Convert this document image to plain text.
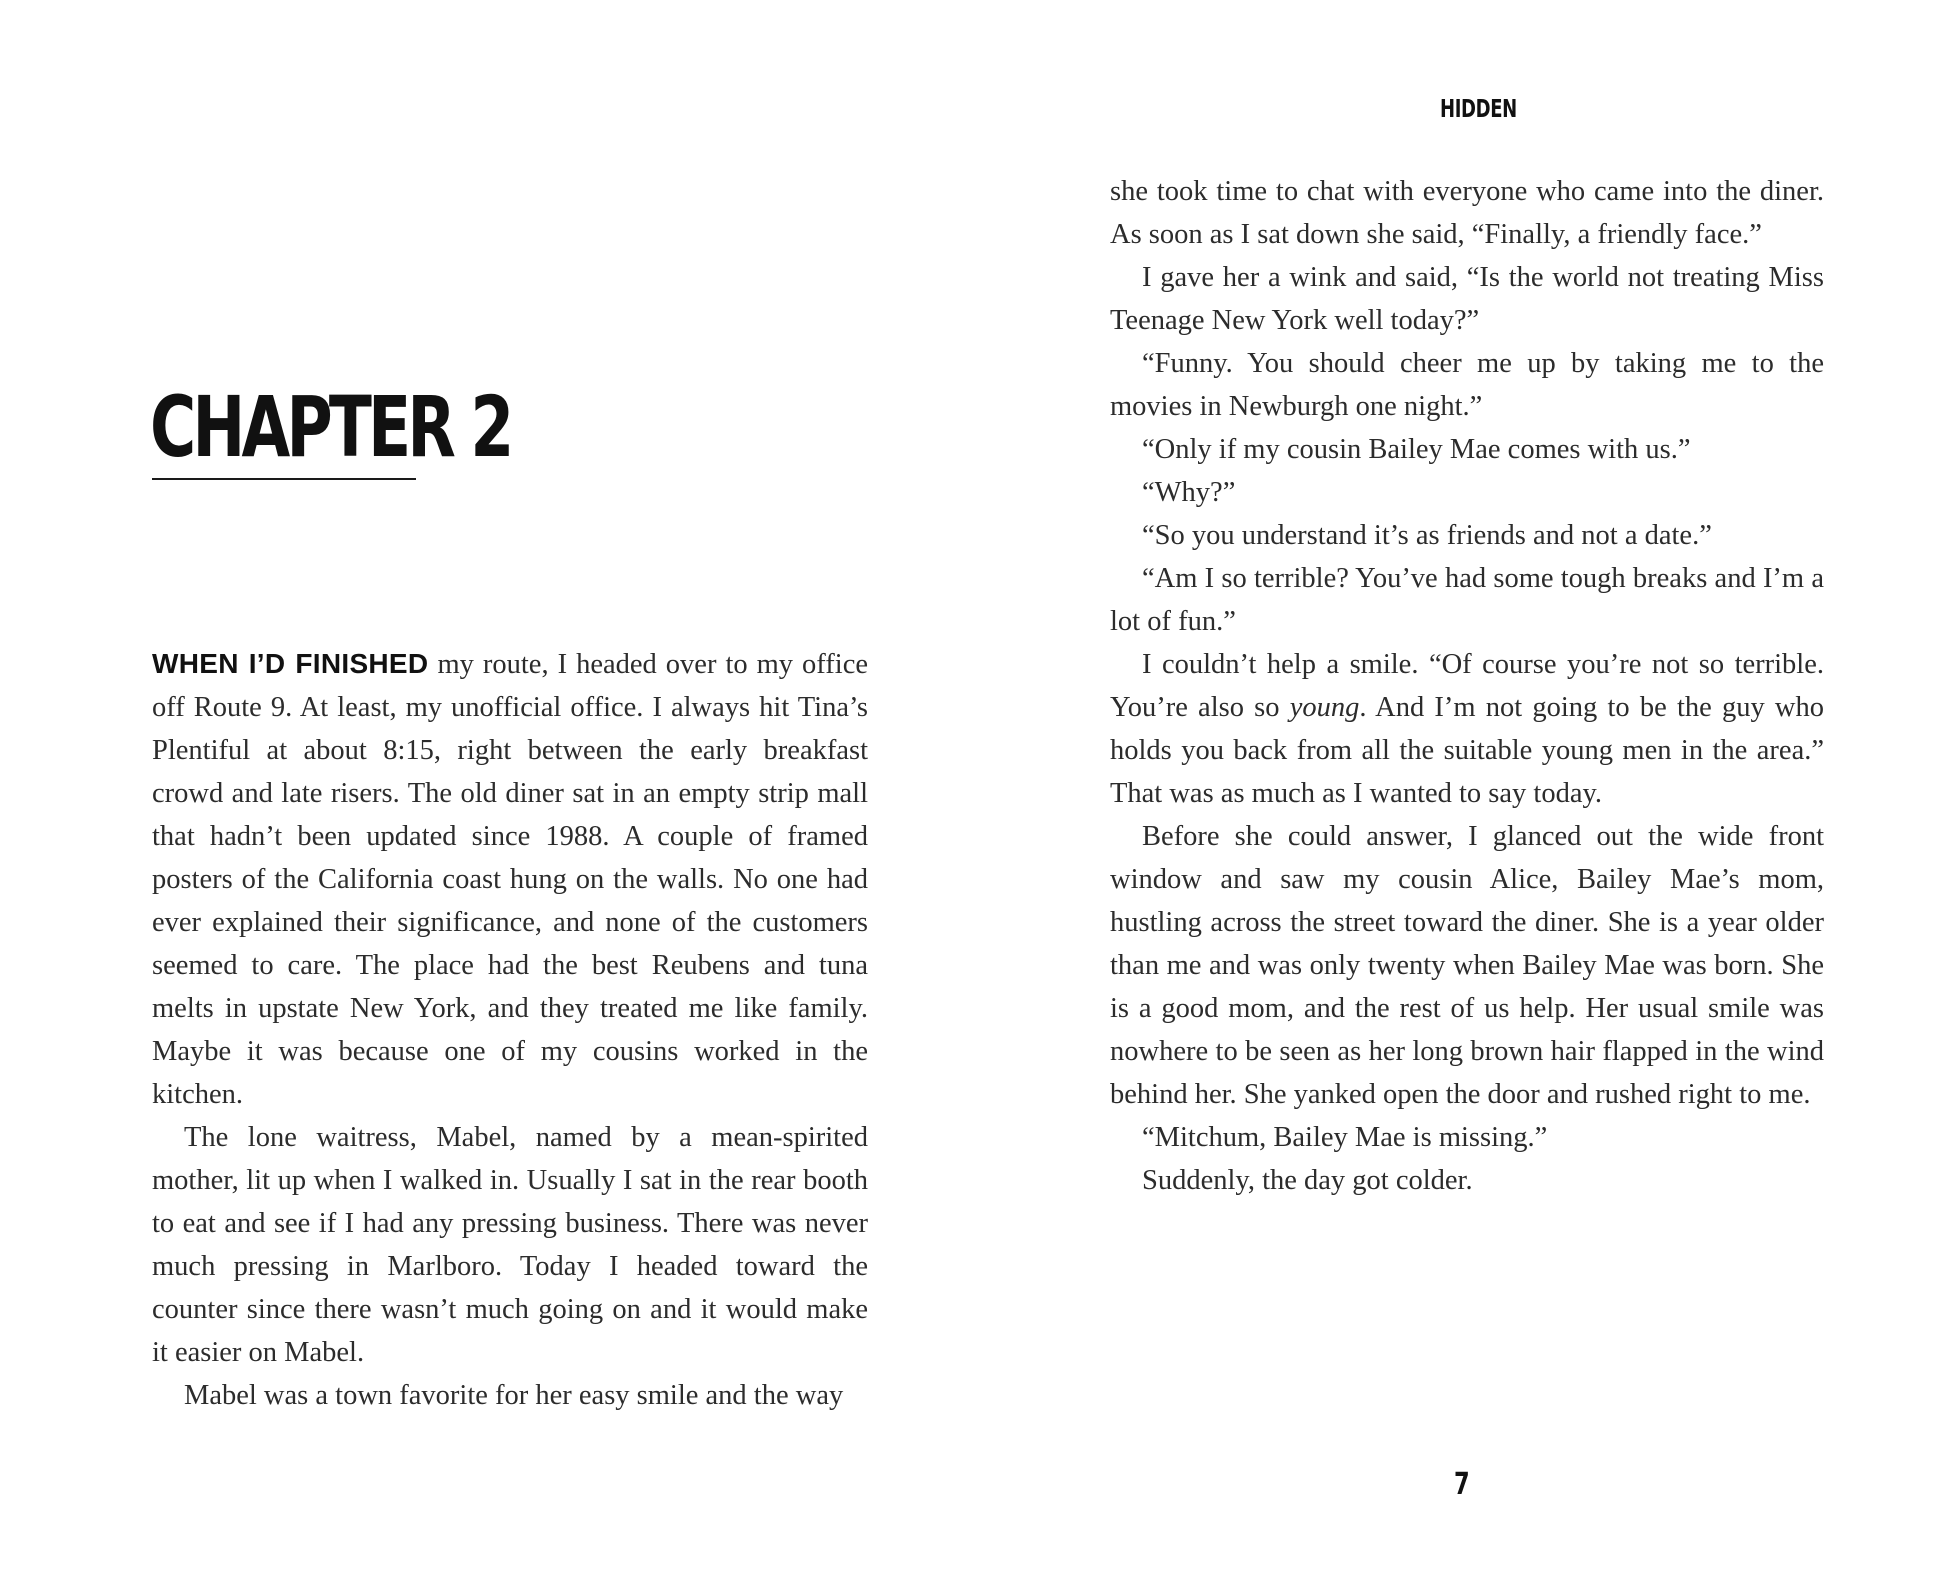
CHAPTER 2

WHEN I’D FINISHED my route, I headed over to my office off Route 9. At least, my unofficial office. I always hit Tina’s Plentiful at about 8:15, right between the early breakfast crowd and late risers. The old diner sat in an empty strip mall that hadn’t been updated since 1988. A couple of framed posters of the California coast hung on the walls. No one had ever explained their significance, and none of the customers seemed to care. The place had the best Reubens and tuna melts in upstate New York, and they treated me like family. Maybe it was because one of my cousins worked in the kitchen.

The lone waitress, Mabel, named by a mean-spirited mother, lit up when I walked in. Usually I sat in the rear booth to eat and see if I had any pressing business. There was never much pressing in Marlboro. Today I headed toward the counter since there wasn’t much going on and it would make it easier on Mabel.

Mabel was a town favorite for her easy smile and the way

HIDDEN

she took time to chat with everyone who came into the diner. As soon as I sat down she said, “Finally, a friendly face.”

I gave her a wink and said, “Is the world not treating Miss Teenage New York well today?”

“Funny. You should cheer me up by taking me to the movies in Newburgh one night.”

“Only if my cousin Bailey Mae comes with us.”

“Why?”

“So you understand it’s as friends and not a date.”

“Am I so terrible? You’ve had some tough breaks and I’m a lot of fun.”

I couldn’t help a smile. “Of course you’re not so terrible. You’re also so young. And I’m not going to be the guy who holds you back from all the suitable young men in the area.” That was as much as I wanted to say today.

Before she could answer, I glanced out the wide front window and saw my cousin Alice, Bailey Mae’s mom, hustling across the street toward the diner. She is a year older than me and was only twenty when Bailey Mae was born. She is a good mom, and the rest of us help. Her usual smile was nowhere to be seen as her long brown hair flapped in the wind behind her. She yanked open the door and rushed right to me.

“Mitchum, Bailey Mae is missing.”

Suddenly, the day got colder.

7
